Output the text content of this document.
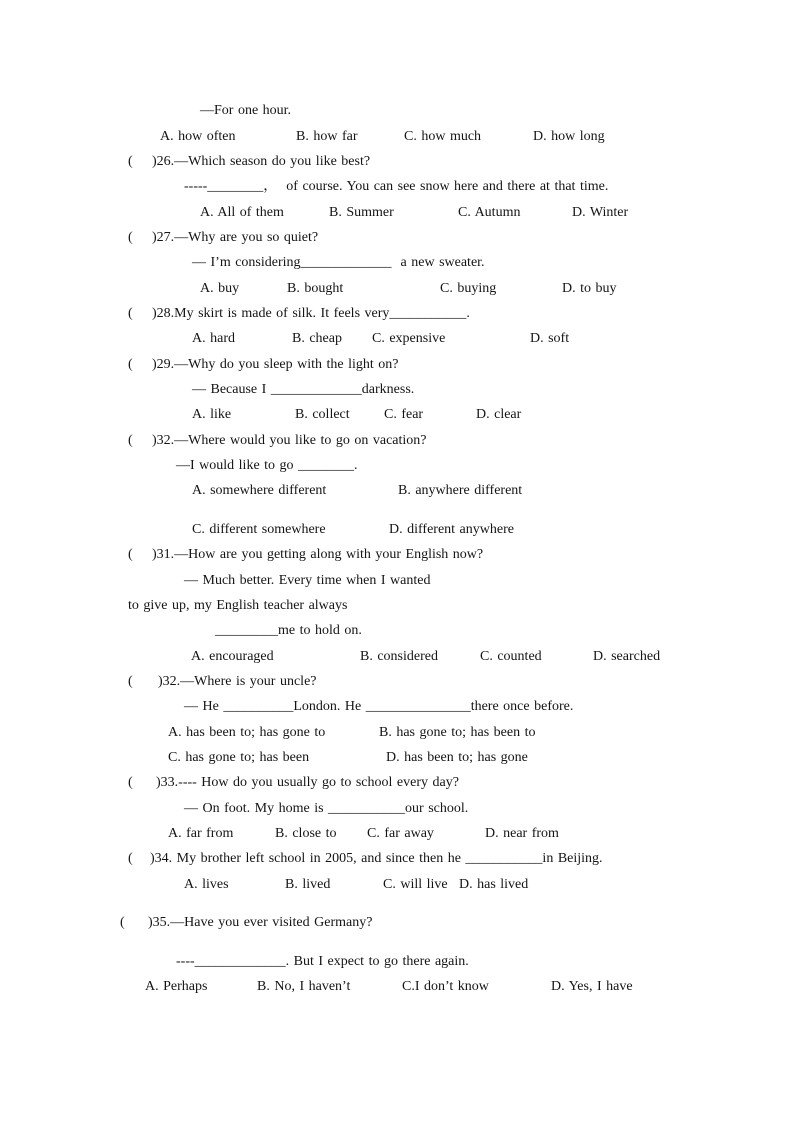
—For one hour.
A. how often	B. how far	C. how much	D. how long
( )26.—Which season do you like best?
-----________，  of course. You can see snow here and there at that time.
A. All of them	B. Summer	C. Autumn	D. Winter
( )27.—Why are you so quiet?
— I’m considering_____________  a new sweater.
A. buy	B. bought	C. buying	D. to buy
( )28.My skirt is made of silk. It feels very___________.
A. hard	B. cheap C. expensive	D. soft
( )29.—Why do you sleep with the light on?
— Because I _____________darkness.
A. like	B. collect C. fear	D. clear
( )32.—Where would you like to go on vacation?
—I would like to go ________.
A. somewhere different	B. anywhere different
C. different somewhere	D. different anywhere
( )31.—How are you getting along with your English now?
— Much better. Every time when I wanted
to give up, my English teacher always
_________me to hold on.
A. encouraged	B. considered	C. counted	D. searched
( )32.—Where is your uncle?
— He __________London. He _______________there once before.
A. has been to; has gone to	B. has gone to; has been to
C. has gone to; has been	D. has been to; has gone
( )33.---- How do you usually go to school every day?
— On foot. My home is ___________our school.
A. far from	B. close to C. far away	D. near from
( )34. My brother left school in 2005, and since then he ___________in Beijing.
A. lives	B. lived	C. will live D. has lived
( )35.—Have you ever visited Germany?
----_____________. But I expect to go there again.
A. Perhaps	B. No, I haven’t	C.I don’t know	D. Yes, I have
